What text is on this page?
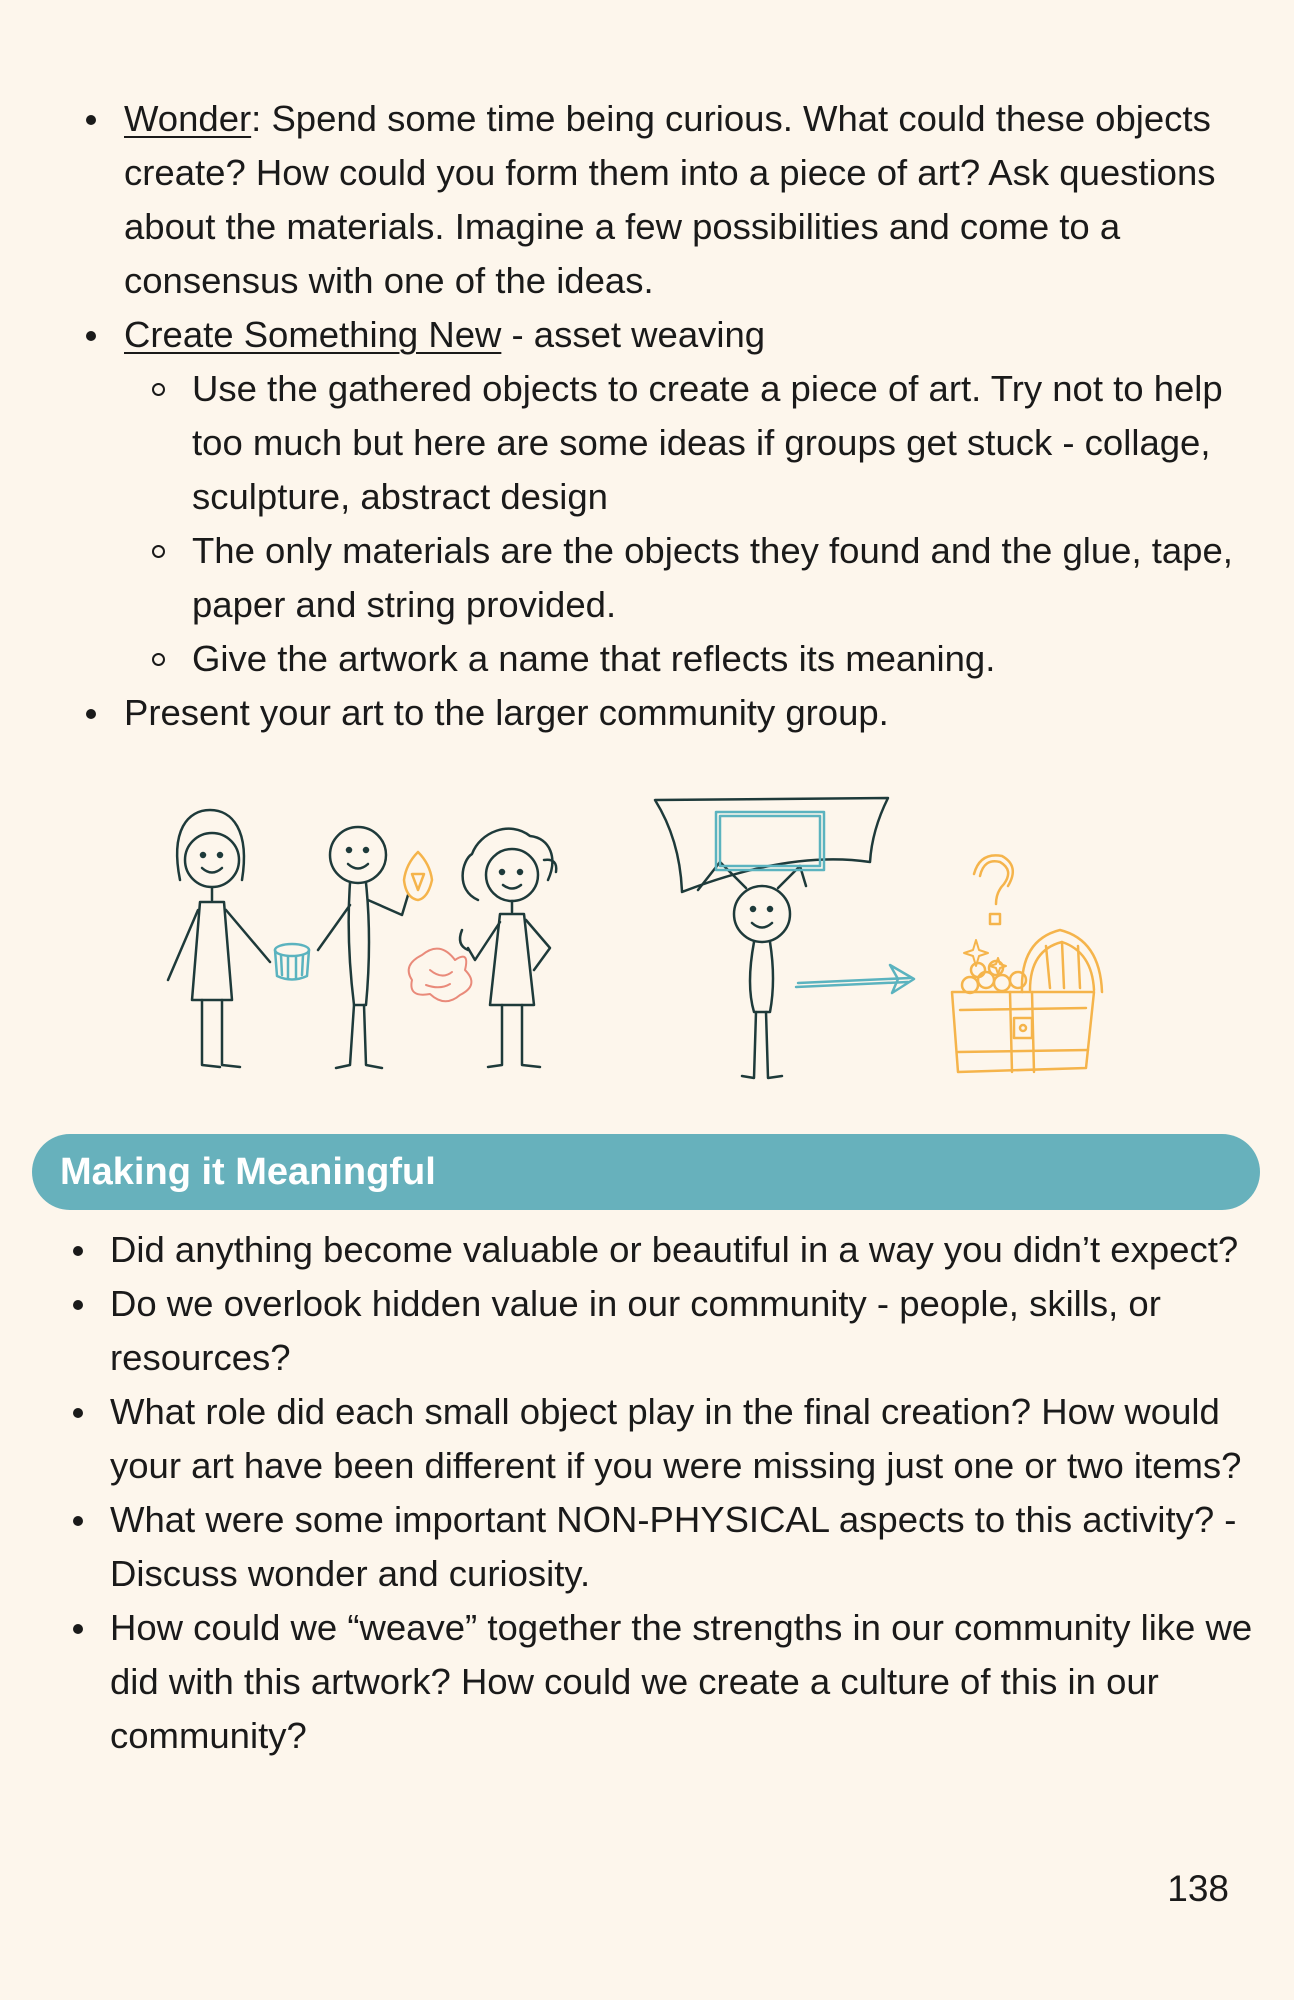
Wonder: Spend some time being curious. What could these objects create? How could you form them into a piece of art? Ask questions about the materials. Imagine a few possibilities and come to a consensus with one of the ideas.
Create Something New - asset weaving
Use the gathered objects to create a piece of art. Try not to help too much but here are some ideas if groups get stuck - collage, sculpture, abstract design
The only materials are the objects they found and the glue, tape, paper and string provided.
Give the artwork a name that reflects its meaning.
Present your art to the larger community group.
Making it Meaningful
Did anything become valuable or beautiful in a way you didn’t expect?
Do we overlook hidden value in our community - people, skills, or resources?
What role did each small object play in the final creation? How would your art have been different if you were missing just one or two items?
What were some important NON-PHYSICAL aspects to this activity? - Discuss wonder and curiosity.
How could we “weave” together the strengths in our community like we did with this artwork? How could we create a culture of this in our community?
138
